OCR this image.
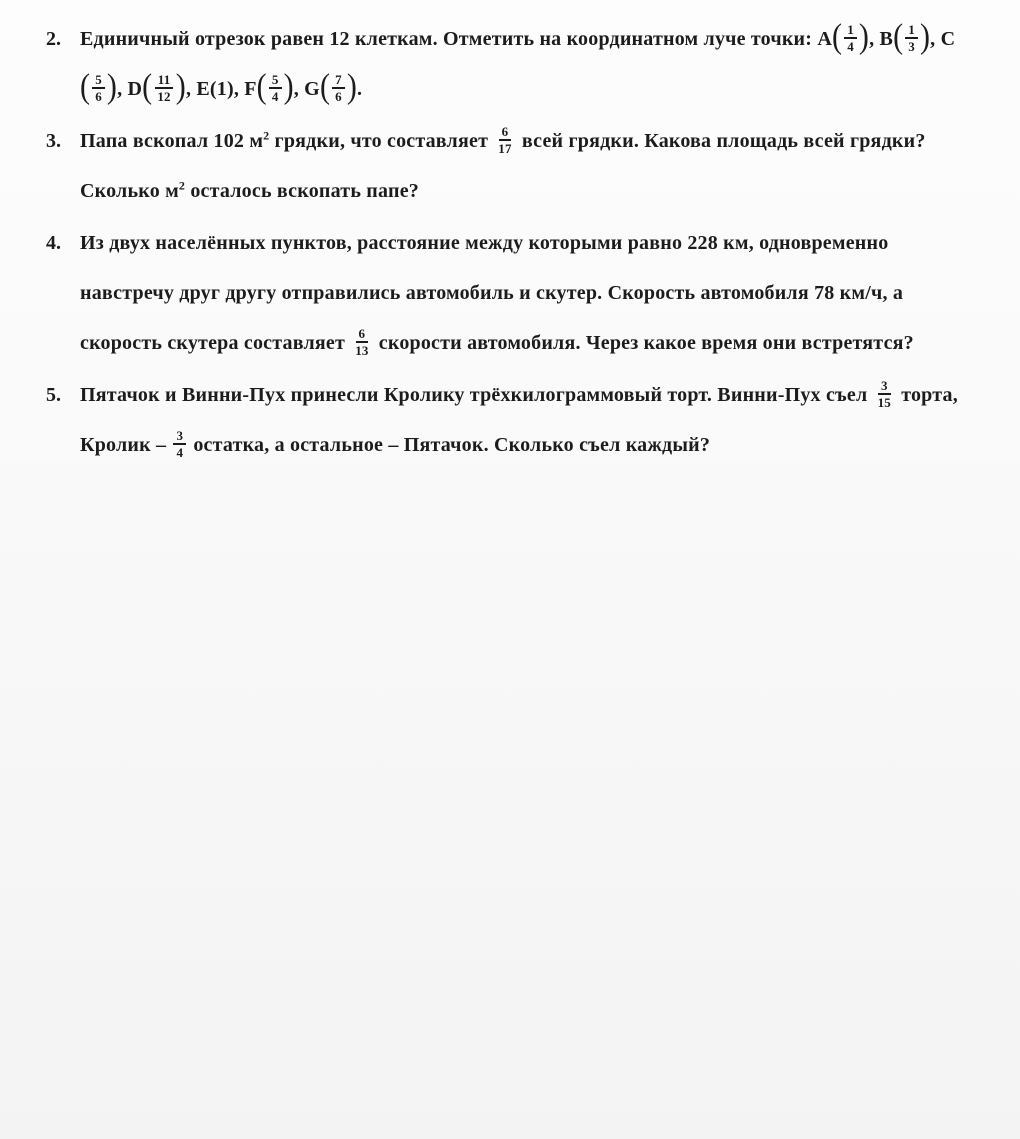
2. Единичный отрезок равен 12 клеткам. Отметить на координатном луче точки: $A( \frac{1}{4}$ ), $B( \frac{1}{3}$ ), $C( \frac{5}{6}$ ), $D( \frac{11}{12}$ ), E(1), $F( \frac{5}{4}$ ), $G( \frac{7}{6}$ ).
3. Папа вскопал 102 $м^2$ грядки, что составляет $\frac{6}{17}$ всей грядки. Какова площадь всей грядки? Сколько $м^2$ осталось вскопать папе?
4. Из двух населённых пунктов, расстояние между которыми равно 228 км, одновременно навстречу друг другу отправились автомобиль и скутер. Скорость автомобиля 78 км/ч, а скорость скутера составляет $\frac{6}{13}$ скорости автомобиля. Через какое время они встретятся?
5. Пятачок и Винни-Пух принесли Кролику трёхкилограммовый торт. Винни-Пух съел $\frac{3}{15}$ торта, Кролик – $\frac{3}{4}$ остатка, а остальное – Пятачок. Сколько съел каждый?
